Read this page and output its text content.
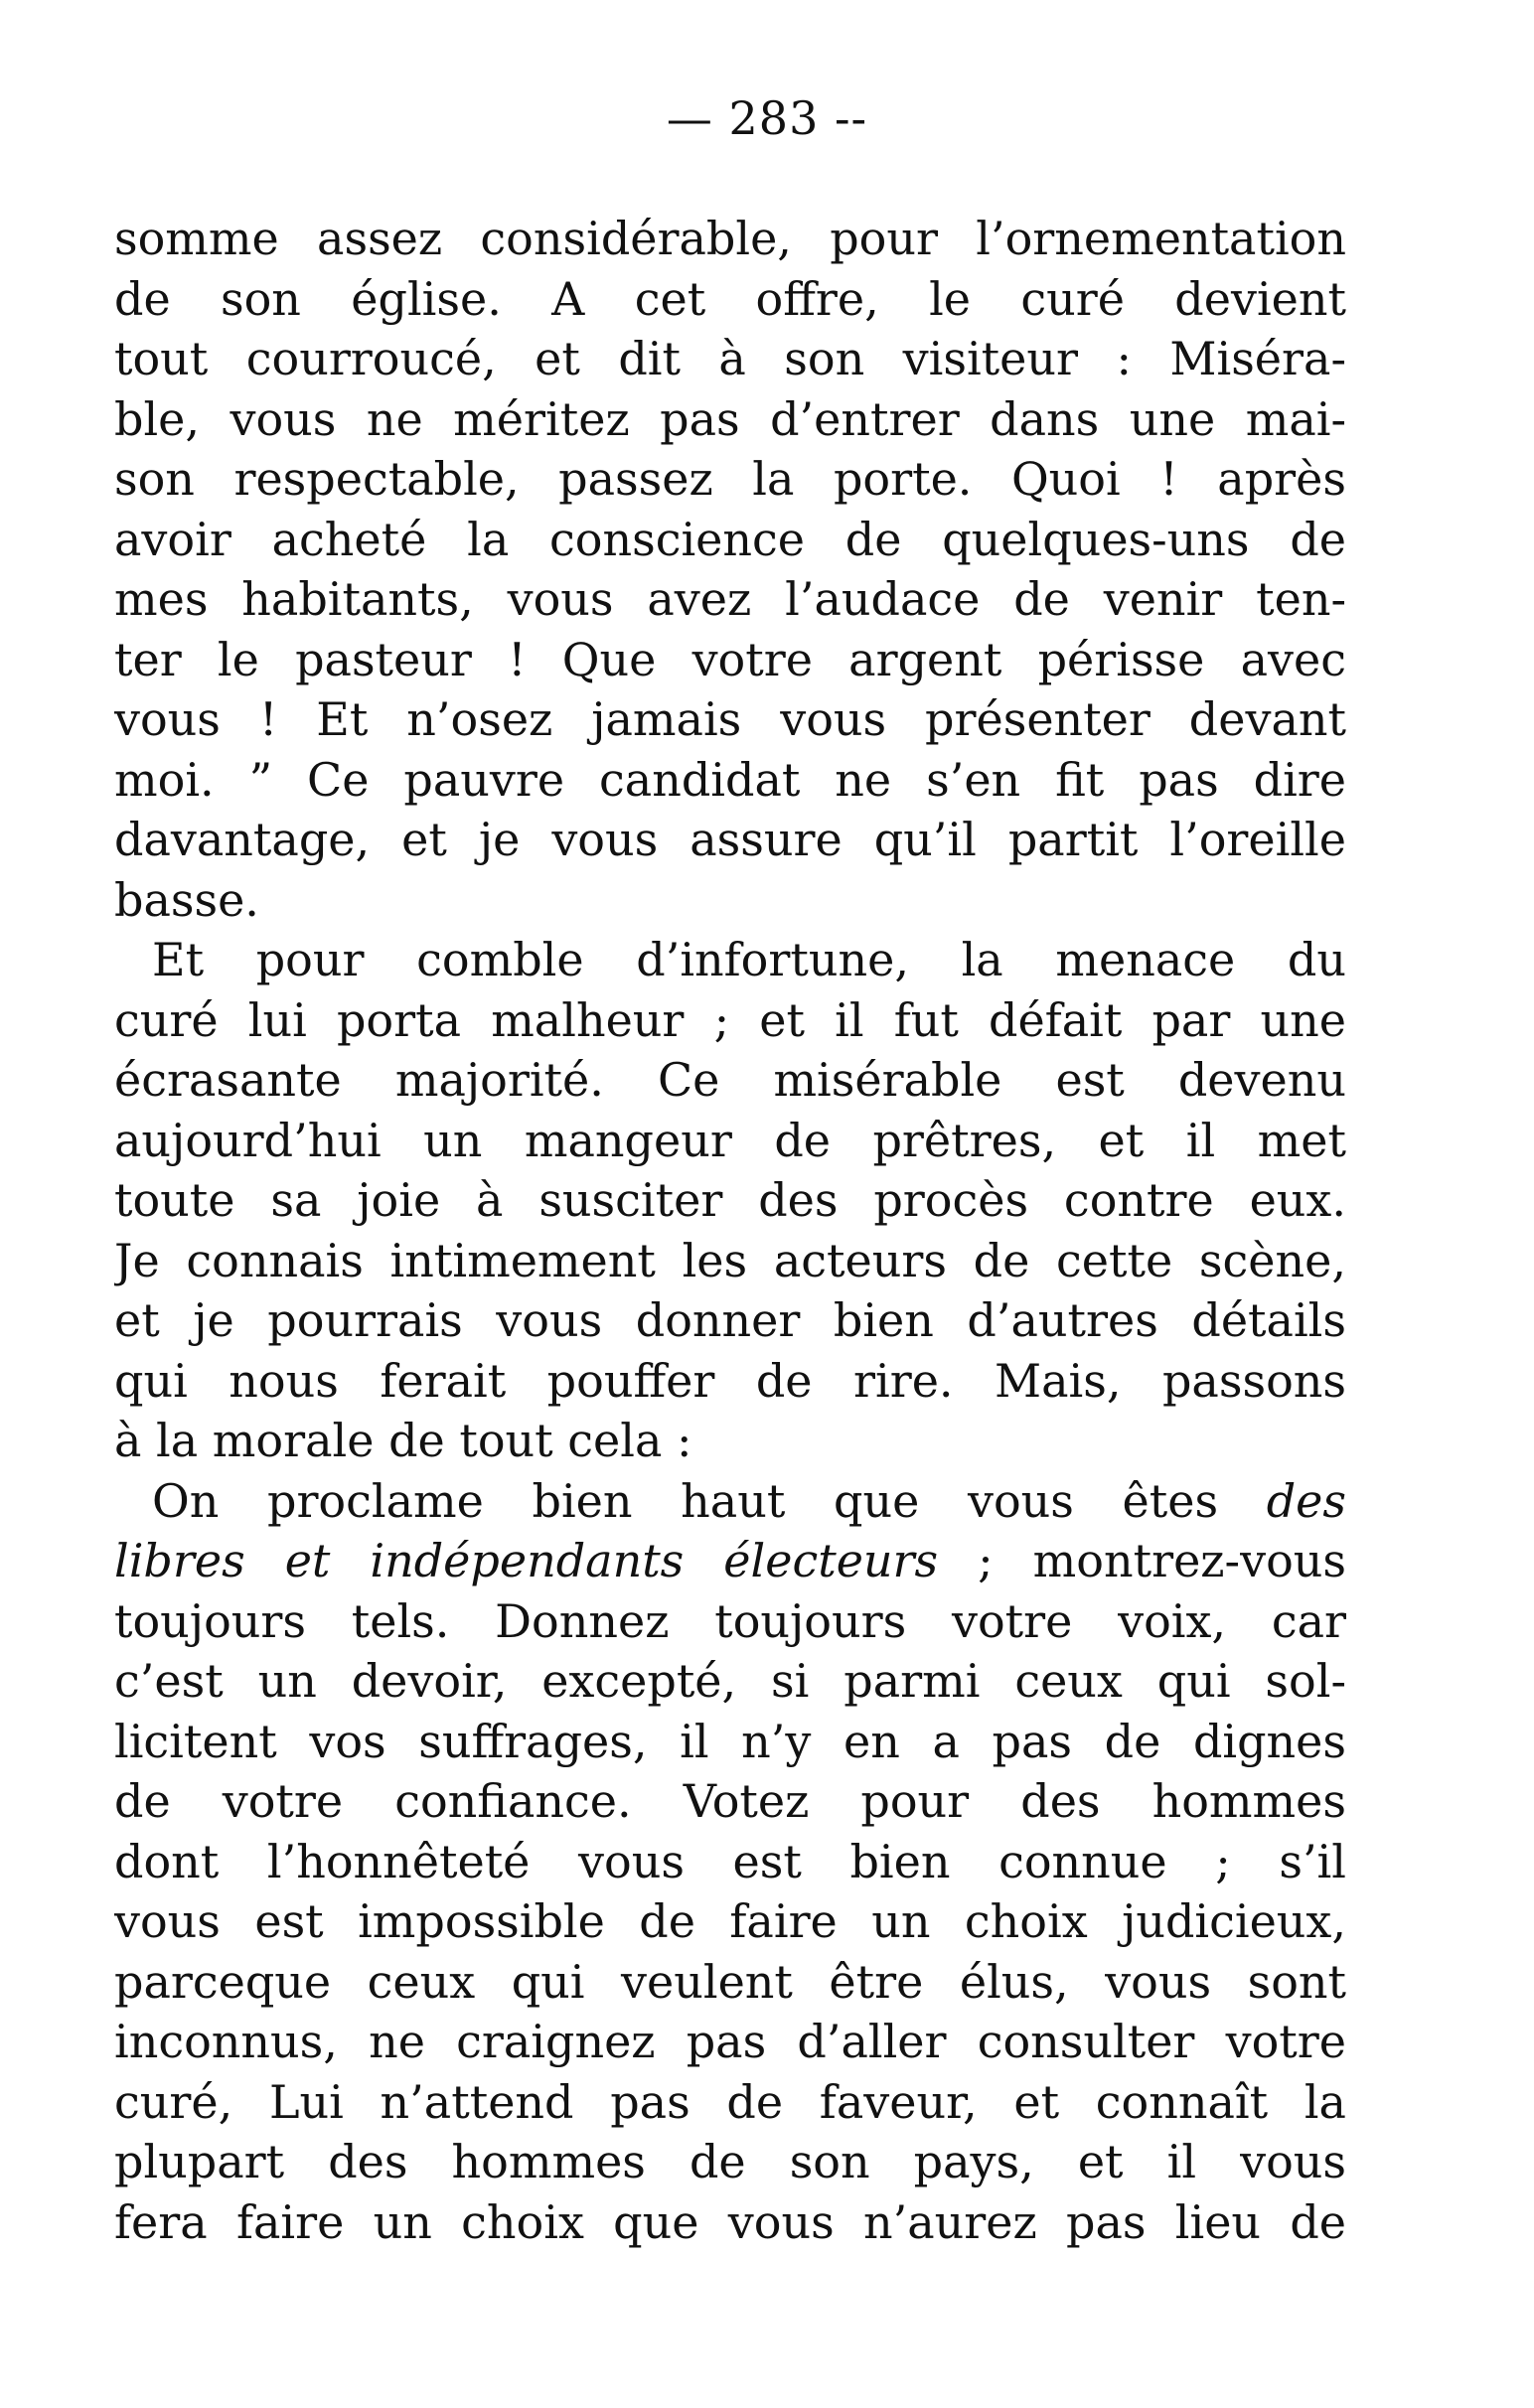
— 283 --
somme assez considérable, pour l’ornementation
de son église. A cet offre, le curé devient
tout courroucé, et dit à son visiteur : Miséra-
ble, vous ne méritez pas d’entrer dans une mai-
son respectable, passez la porte. Quoi ! après
avoir acheté la conscience de quelques-uns de
mes habitants, vous avez l’audace de venir ten-
ter le pasteur ! Que votre argent périsse avec
vous ! Et n’osez jamais vous présenter devant
moi. ” Ce pauvre candidat ne s’en fit pas dire
davantage, et je vous assure qu’il partit l’oreille
basse.
Et pour comble d’infortune, la menace du
curé lui porta malheur ; et il fut défait par une
écrasante majorité. Ce misérable est devenu
aujourd’hui un mangeur de prêtres, et il met
toute sa joie à susciter des procès contre eux.
Je connais intimement les acteurs de cette scène,
et je pourrais vous donner bien d’autres détails
qui nous ferait pouffer de rire. Mais, passons
à la morale de tout cela :
On proclame bien haut que vous êtes des
libres et indépendants électeurs ; montrez-vous
toujours tels. Donnez toujours votre voix, car
c’est un devoir, excepté, si parmi ceux qui sol-
licitent vos suffrages, il n’y en a pas de dignes
de votre confiance. Votez pour des hommes
dont l’honnêteté vous est bien connue ; s’il
vous est impossible de faire un choix judicieux,
parceque ceux qui veulent être élus, vous sont
inconnus, ne craignez pas d’aller consulter votre
curé, Lui n’attend pas de faveur, et connaît la
plupart des hommes de son pays, et il vous
fera faire un choix que vous n’aurez pas lieu de
